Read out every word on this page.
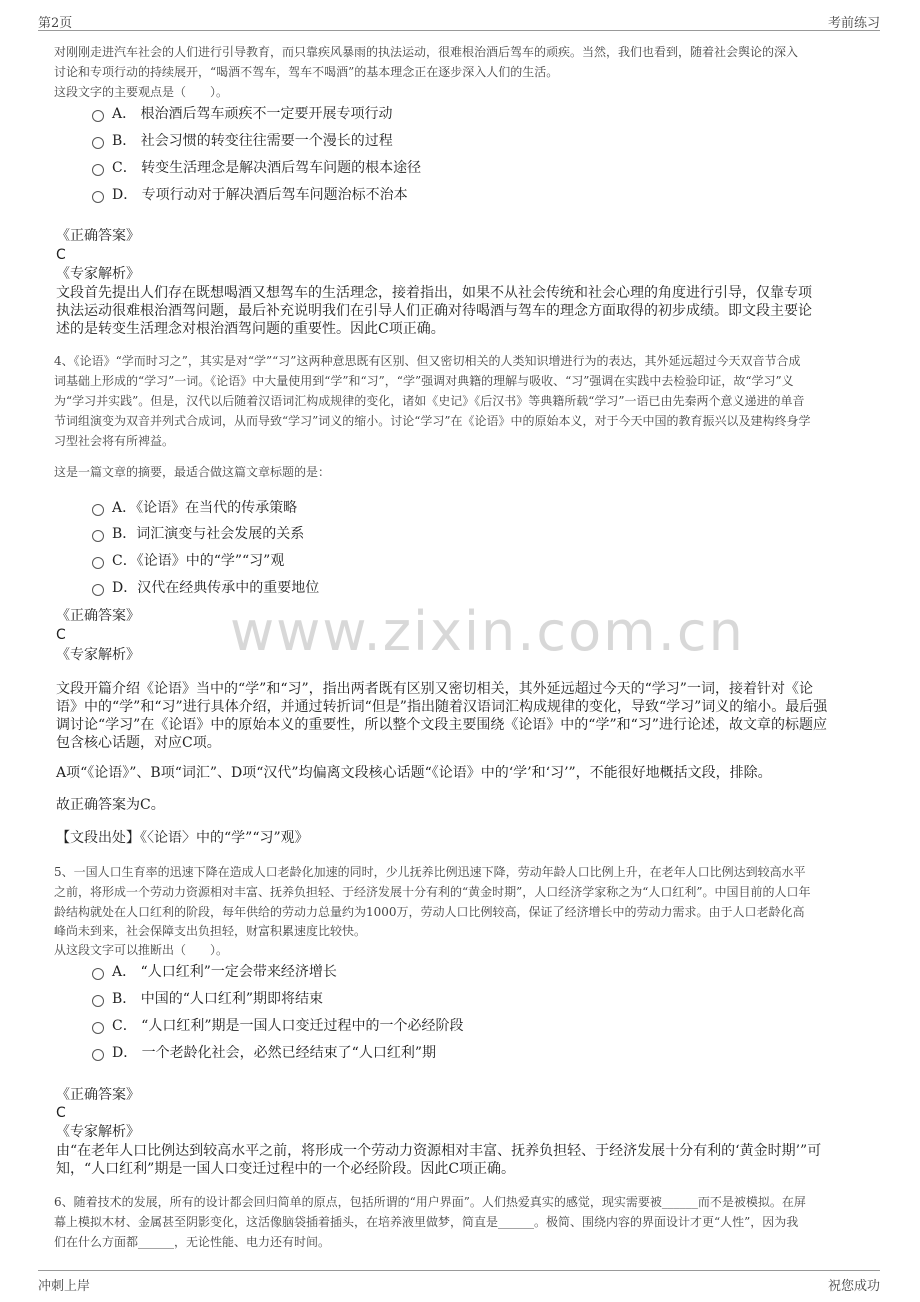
第2页	考前练习
www.zixin.com.cn
对刚刚走进汽车社会的人们进行引导教育，而只靠疾风暴雨的执法运动，很难根治酒后驾车的顽疾。当然，我们也看到，随着社会舆论的深入
讨论和专项行动的持续展开，“喝酒不驾车，驾车不喝酒”的基本理念正在逐步深入人们的生活。
这段文字的主要观点是（　　）。
A． 根治酒后驾车顽疾不一定要开展专项行动
B． 社会习惯的转变往往需要一个漫长的过程
C． 转变生活理念是解决酒后驾车问题的根本途径
D． 专项行动对于解决酒后驾车问题治标不治本
《正确答案》
C
《专家解析》
文段首先提出人们存在既想喝酒又想驾车的生活理念，接着指出，如果不从社会传统和社会心理的角度进行引导，仅靠专项
执法运动很难根治酒驾问题，最后补充说明我们在引导人们正确对待喝酒与驾车的理念方面取得的初步成绩。即文段主要论
述的是转变生活理念对根治酒驾问题的重要性。因此C项正确。
4、《论语》“学而时习之”，其实是对“学”“习”这两种意思既有区别、但又密切相关的人类知识增进行为的表达，其外延远超过今天双音节合成
词基础上形成的“学习”一词。《论语》中大量使用到“学”和“习”，“学”强调对典籍的理解与吸收、“习”强调在实践中去检验印证，故“学习”义
为“学习并实践”。但是，汉代以后随着汉语词汇构成规律的变化，诸如《史记》《后汉书》等典籍所载“学习”一语已由先秦两个意义递进的单音
节词组演变为双音并列式合成词，从而导致“学习”词义的缩小。讨论“学习”在《论语》中的原始本义，对于今天中国的教育振兴以及建构终身学
习型社会将有所裨益。
这是一篇文章的摘要，最适合做这篇文章标题的是：
A．《论语》在当代的传承策略
B．词汇演变与社会发展的关系
C．《论语》中的“学”“习”观
D．汉代在经典传承中的重要地位
《正确答案》
C
《专家解析》
文段开篇介绍《论语》当中的“学”和“习”，指出两者既有区别又密切相关，其外延远超过今天的“学习”一词，接着针对《论
语》中的“学”和“习”进行具体介绍，并通过转折词“但是”指出随着汉语词汇构成规律的变化，导致“学习”词义的缩小。最后强
调讨论“学习”在《论语》中的原始本义的重要性，所以整个文段主要围绕《论语》中的“学”和“习”进行论述，故文章的标题应
包含核心话题，对应C项。
A项“《论语》”、B项“词汇”、D项“汉代”均偏离文段核心话题“《论语》中的‘学’和‘习’”，不能很好地概括文段，排除。
故正确答案为C。
【文段出处】《〈论语〉中的“学”“习”观》
5、一国人口生育率的迅速下降在造成人口老龄化加速的同时，少儿抚养比例迅速下降，劳动年龄人口比例上升，在老年人口比例达到较高水平
之前，将形成一个劳动力资源相对丰富、抚养负担轻、于经济发展十分有利的“黄金时期”，人口经济学家称之为“人口红利”。中国目前的人口年
龄结构就处在人口红利的阶段，每年供给的劳动力总量约为1000万，劳动人口比例较高，保证了经济增长中的劳动力需求。由于人口老龄化高
峰尚未到来，社会保障支出负担轻，财富积累速度比较快。
从这段文字可以推断出（　　）。
A． “人口红利”一定会带来经济增长
B． 中国的“人口红利”期即将结束
C． “人口红利”期是一国人口变迁过程中的一个必经阶段
D． 一个老龄化社会，必然已经结束了“人口红利”期
《正确答案》
C
《专家解析》
由“在老年人口比例达到较高水平之前，将形成一个劳动力资源相对丰富、抚养负担轻、于经济发展十分有利的‘黄金时期’”可
知，“人口红利”期是一国人口变迁过程中的一个必经阶段。因此C项正确。
6、随着技术的发展，所有的设计都会回归简单的原点，包括所谓的“用户界面”。人们热爱真实的感觉，现实需要被______而不是被模拟。在屏
幕上模拟木材、金属甚至阴影变化，这活像脑袋插着插头，在培养液里做梦，简直是______。极简、围绕内容的界面设计才更“人性”，因为我
们在什么方面都______，无论性能、电力还有时间。
冲刺上岸	祝您成功
